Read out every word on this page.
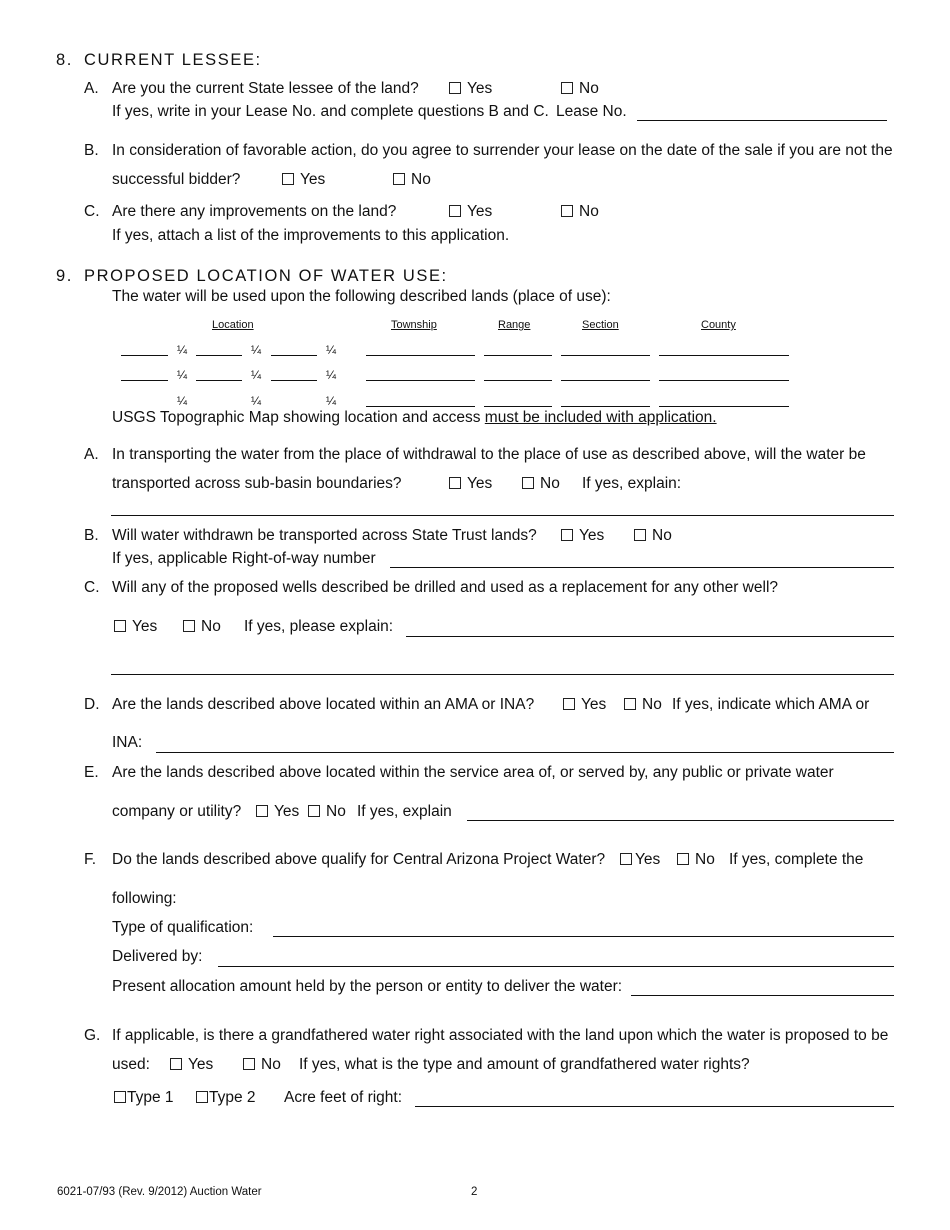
8. CURRENT LESSEE:
A. Are you the current State lessee of the land?	Yes	No
If yes, write in your Lease No. and complete questions B and C. Lease No.
B. In consideration of favorable action, do you agree to surrender your lease on the date of the sale if you are not the
successful bidder?	Yes	No
C. Are there any improvements on the land?	Yes	No
If yes, attach a list of the improvements to this application.
9. PROPOSED LOCATION OF WATER USE:
The water will be used upon the following described lands (place of use):
Location	Township	Range	Section	County
¼	¼	¼
¼	¼	¼
¼	¼	¼
USGS Topographic Map showing location and access must be included with application.
A. In transporting the water from the place of withdrawal to the place of use as described above, will the water be
transported across sub-basin boundaries?	Yes	No If yes, explain:
B. Will water withdrawn be transported across State Trust lands?	Yes	No
If yes, applicable Right-of-way number
C. Will any of the proposed wells described be drilled and used as a replacement for any other well?
Yes	No If yes, please explain:
D. Are the lands described above located within an AMA or INA?	Yes	No If yes, indicate which AMA or
INA:
E. Are the lands described above located within the service area of, or served by, any public or private water
company or utility?	Yes	No If yes, explain
F. Do the lands described above qualify for Central Arizona Project Water?	Yes	No If yes, complete the
following:
Type of qualification:
Delivered by:
Present allocation amount held by the person or entity to deliver the water:
G. If applicable, is there a grandfathered water right associated with the land upon which the water is proposed to be
used:	Yes	No If yes, what is the type and amount of grandfathered water rights?
Type 1	Type 2 Acre feet of right:
6021-07/93 (Rev. 9/2012) Auction Water	2
